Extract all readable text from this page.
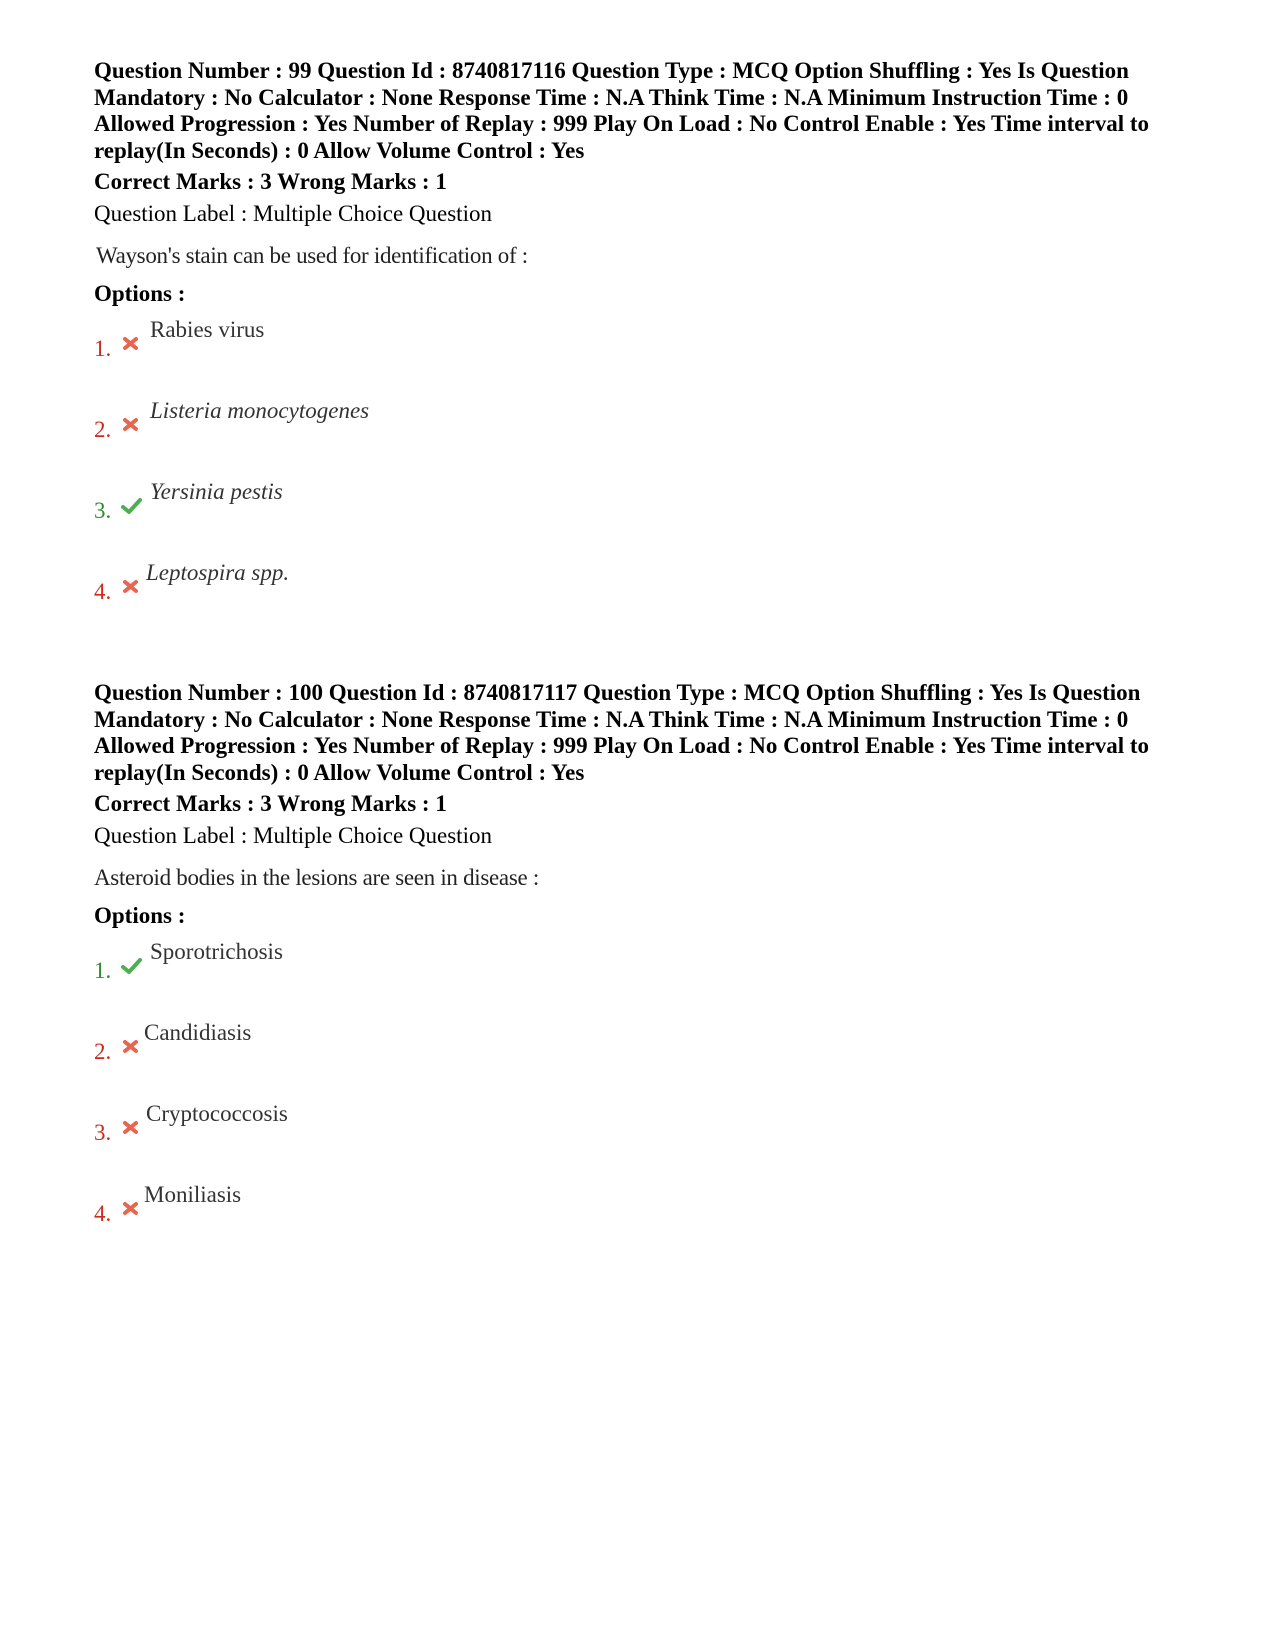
Question Number : 99 Question Id : 8740817116 Question Type : MCQ Option Shuffling : Yes Is Question Mandatory : No Calculator : None Response Time : N.A Think Time : N.A Minimum Instruction Time : 0 Allowed Progression : Yes Number of Replay : 999 Play On Load : No Control Enable : Yes Time interval to replay(In Seconds) : 0 Allow Volume Control : Yes

Correct Marks : 3 Wrong Marks : 1

Question Label : Multiple Choice Question

Wayson's stain can be used for identification of :

Options :

1.
Rabies virus
2.
Listeria monocytogenes
3.
Yersinia pestis
4.
Leptospira spp.

Question Number : 100 Question Id : 8740817117 Question Type : MCQ Option Shuffling : Yes Is Question Mandatory : No Calculator : None Response Time : N.A Think Time : N.A Minimum Instruction Time : 0 Allowed Progression : Yes Number of Replay : 999 Play On Load : No Control Enable : Yes Time interval to replay(In Seconds) : 0 Allow Volume Control : Yes

Correct Marks : 3 Wrong Marks : 1

Question Label : Multiple Choice Question

Asteroid bodies in the lesions are seen in disease :

Options :

1.
Sporotrichosis
2.
Candidiasis
3.
Cryptococcosis
4.
Moniliasis
